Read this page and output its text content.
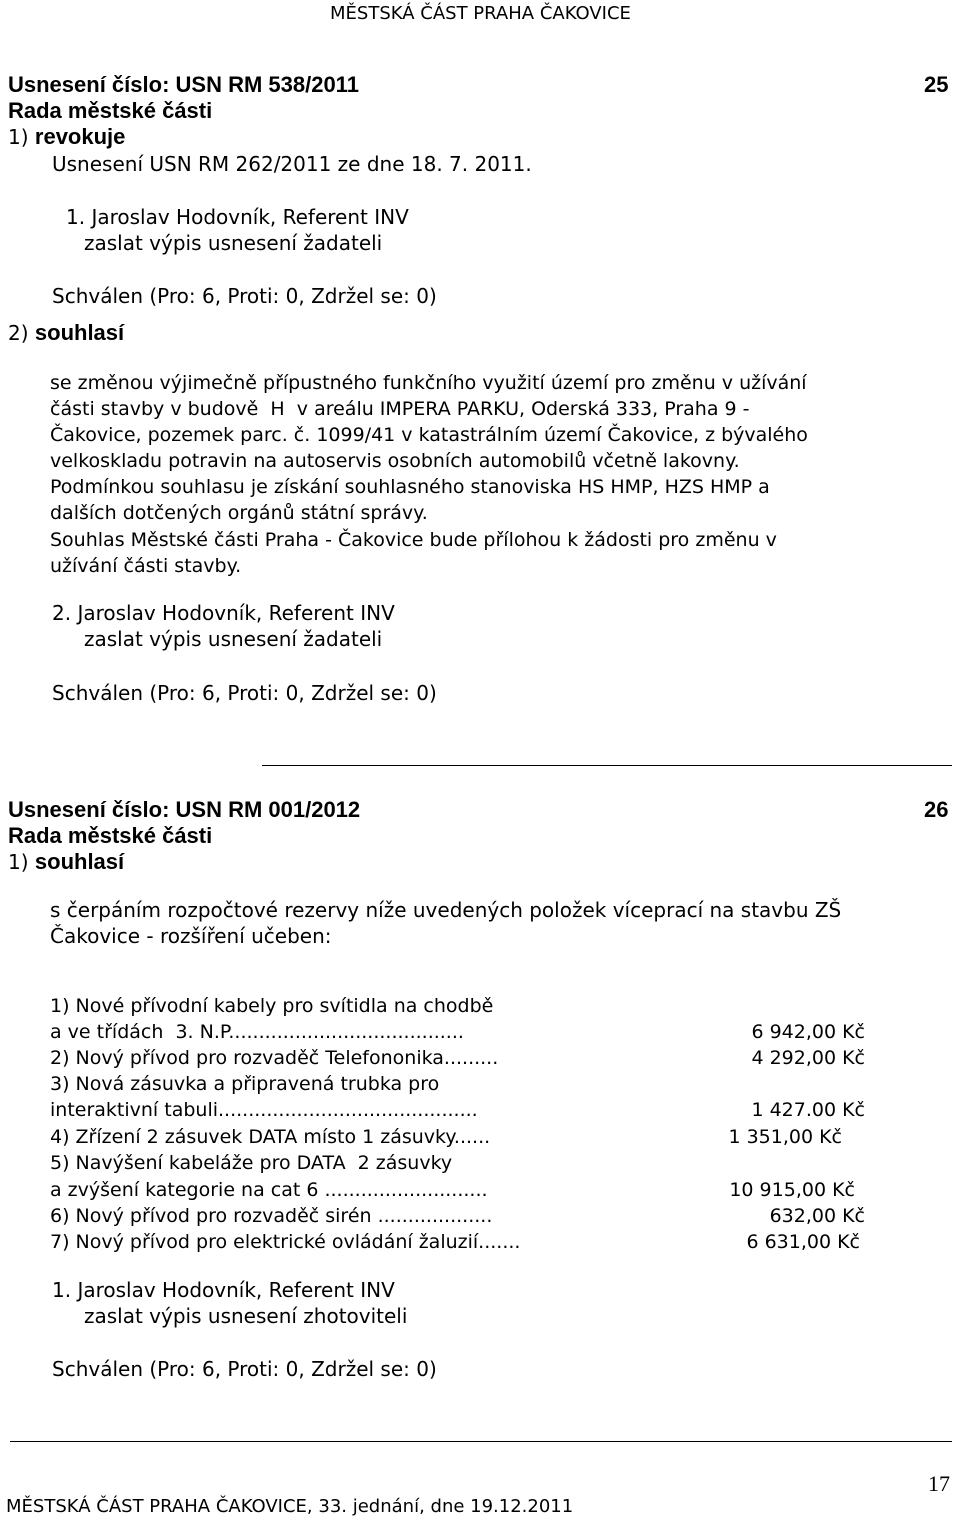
MĚSTSKÁ ČÁST PRAHA ČAKOVICE
Usnesení číslo: USN RM 538/2011	25
Rada městské části
1) revokuje
Usnesení USN RM 262/2011 ze dne 18. 7. 2011.
1. Jaroslav Hodovník, Referent INV
zaslat výpis usnesení žadateli
Schválen (Pro: 6, Proti: 0, Zdržel se: 0)
2) souhlasí
se změnou výjimečně přípustného funkčního využití území pro změnu v užívání
části stavby v budově  H  v areálu IMPERA PARKU, Oderská 333, Praha 9 -
Čakovice, pozemek parc. č. 1099/41 v katastrálním území Čakovice, z bývalého
velkoskladu potravin na autoservis osobních automobilů včetně lakovny.
Podmínkou souhlasu je získání souhlasného stanoviska HS HMP, HZS HMP a
dalších dotčených orgánů státní správy.
Souhlas Městské části Praha - Čakovice bude přílohou k žádosti pro změnu v
užívání části stavby.
2. Jaroslav Hodovník, Referent INV
zaslat výpis usnesení žadateli
Schválen (Pro: 6, Proti: 0, Zdržel se: 0)
Usnesení číslo: USN RM 001/2012	26
Rada městské části
1) souhlasí
s čerpáním rozpočtové rezervy níže uvedených položek víceprací na stavbu ZŠ
Čakovice - rozšíření učeben:
1) Nové přívodní kabely pro svítidla na chodbě
a ve třídách  3. N.P.......................................	6 942,00 Kč
2) Nový přívod pro rozvaděč Telefononika.........	4 292,00 Kč
3) Nová zásuvka a připravená trubka pro
interaktivní tabuli...........................................	1 427.00 Kč
4) Zřízení 2 zásuvek DATA místo 1 zásuvky......	1 351,00 Kč
5) Navýšení kabeláže pro DATA  2 zásuvky
a zvýšení kategorie na cat 6 ...........................	10 915,00 Kč
6) Nový přívod pro rozvaděč sirén ...................	632,00 Kč
7) Nový přívod pro elektrické ovládání žaluzií.......	6 631,00 Kč
1. Jaroslav Hodovník, Referent INV
zaslat výpis usnesení zhotoviteli
Schválen (Pro: 6, Proti: 0, Zdržel se: 0)
17
MĚSTSKÁ ČÁST PRAHA ČAKOVICE, 33. jednání, dne 19.12.2011
